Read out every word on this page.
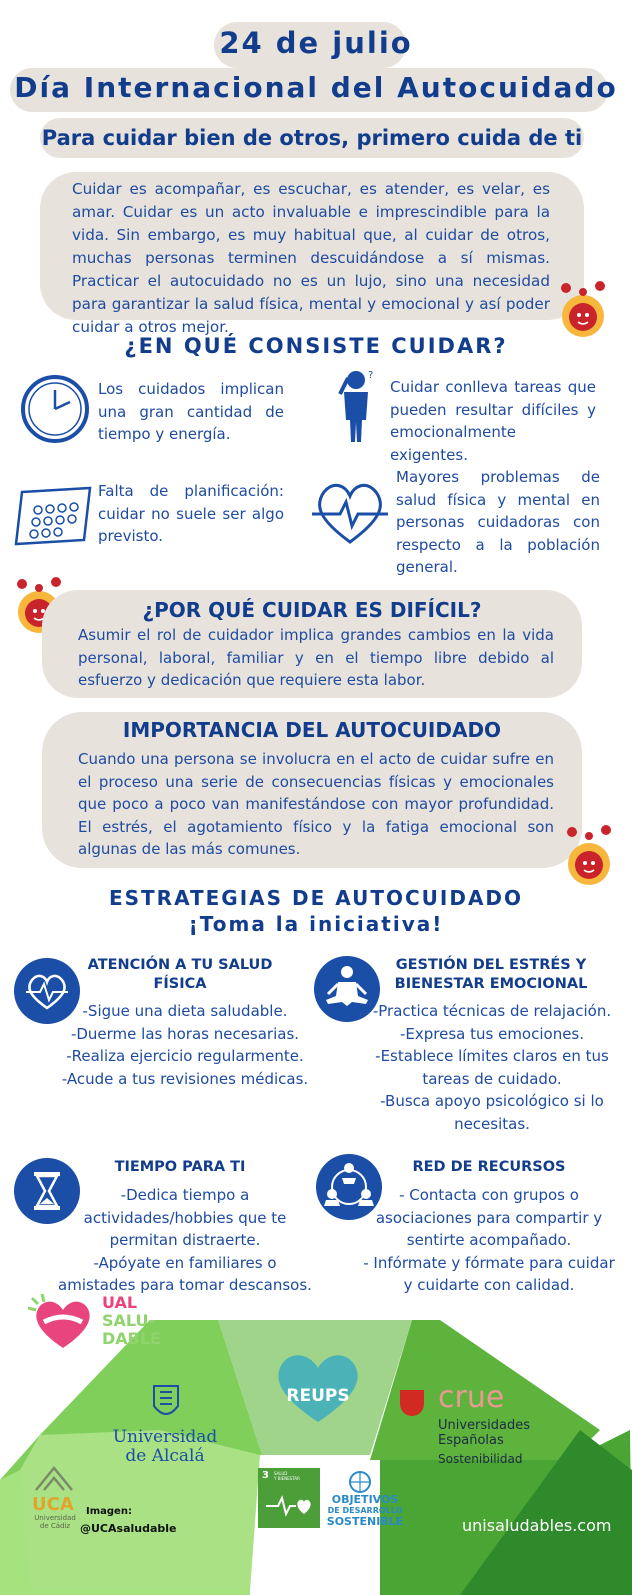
24 de julio
Día Internacional del Autocuidado
Para cuidar bien de otros, primero cuida de ti
Cuidar es acompañar, es escuchar, es atender, es velar, es amar. Cuidar es un acto invaluable e imprescindible para la vida. Sin embargo, es muy habitual que, al cuidar de otros, muchas personas terminen descuidándose a sí mismas. Practicar el autocuidado no es un lujo, sino una necesidad para garantizar la salud física, mental y emocional y así poder cuidar a otros mejor.
¿EN QUÉ CONSISTE CUIDAR?
Los cuidados implican una gran cantidad de tiempo y energía.
?
Cuidar conlleva tareas que pueden resultar difíciles y emocionalmente exigentes.
Falta de planificación: cuidar no suele ser algo previsto.
Mayores problemas de salud física y mental en personas cuidadoras con respecto a la población general.
¿POR QUÉ CUIDAR ES DIFÍCIL?
Asumir el rol de cuidador implica grandes cambios en la vida personal, laboral, familiar y en el tiempo libre debido al esfuerzo y dedicación que requiere esta labor.
IMPORTANCIA DEL AUTOCUIDADO
Cuando una persona se involucra en el acto de cuidar sufre en el proceso una serie de consecuencias físicas y emocionales que poco a poco van manifestándose con mayor profundidad. El estrés, el agotamiento físico y la fatiga emocional son algunas de las más comunes.
ESTRATEGIAS DE AUTOCUIDADO
¡Toma la iniciativa!
ATENCIÓN A TU SALUD FÍSICA
-Sigue una dieta saludable.
-Duerme las horas necesarias.
-Realiza ejercicio regularmente.
-Acude a tus revisiones médicas.
GESTIÓN DEL ESTRÉS Y BIENESTAR EMOCIONAL
-Practica técnicas de relajación.
-Expresa tus emociones.
-Establece límites claros en tus tareas de cuidado.
-Busca apoyo psicológico si lo necesitas.
TIEMPO PARA TI
-Dedica tiempo a actividades/hobbies que te permitan distraerte.
-Apóyate en familiares o amistades para tomar descansos.
RED DE RECURSOS
- Contacta con grupos o asociaciones para compartir y sentirte acompañado.
- Infórmate y fórmate para cuidar y cuidarte con calidad.
UAL
SALU-
DABLE
Universidad
de Alcalá
REUPS	crue
Universidades
Españolas
Sostenibilidad
UCA
Universidad
de Cádiz
Imagen:
@UCAsaludable
3 SALUD
Y BIENESTAR
OBJETIVOS
DE DESARROLLO
SOSTENIBLE	unisaludables.com
